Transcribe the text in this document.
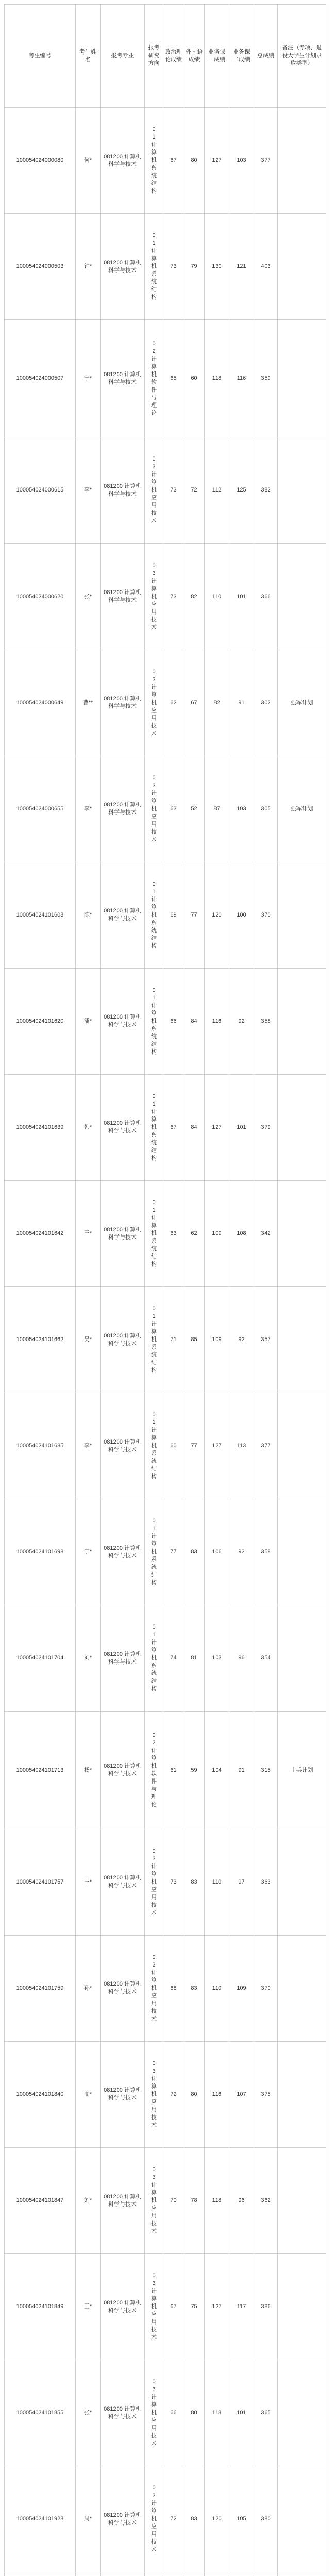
考生编号	考生姓名	报考专业	报考研究方向	政治理论成绩	外国语成绩	业务课一成绩	业务课二成绩	总成绩	备注（专项、退役大学生计划录取类型）
100054024000080	何*	081200 计算机科学与技术	01 计算机系统结构	67	80	127	103	377	
100054024000503	钟*	081200 计算机科学与技术	01 计算机系统结构	73	79	130	121	403	
100054024000507	宁*	081200 计算机科学与技术	02 计算机软件与理论	65	60	118	116	359	
100054024000615	李*	081200 计算机科学与技术	03 计算机应用技术	73	72	112	125	382	
100054024000620	张*	081200 计算机科学与技术	03 计算机应用技术	73	82	110	101	366	
100054024000649	曹**	081200 计算机科学与技术	03 计算机应用技术	62	67	82	91	302	强军计划
100054024000655	李*	081200 计算机科学与技术	03 计算机应用技术	63	52	87	103	305	强军计划
100054024101608	陈*	081200 计算机科学与技术	01 计算机系统结构	69	77	120	100	370	
100054024101620	潘*	081200 计算机科学与技术	01 计算机系统结构	66	84	116	92	358	
100054024101639	韩*	081200 计算机科学与技术	01 计算机系统结构	67	84	127	101	379	
100054024101642	王*	081200 计算机科学与技术	01 计算机系统结构	63	62	109	108	342	
100054024101662	吴*	081200 计算机科学与技术	01 计算机系统结构	71	85	109	92	357	
100054024101685	李*	081200 计算机科学与技术	01 计算机系统结构	60	77	127	113	377	
100054024101698	宁*	081200 计算机科学与技术	01 计算机系统结构	77	83	106	92	358	
100054024101704	刘*	081200 计算机科学与技术	01 计算机系统结构	74	81	103	96	354	
100054024101713	杨*	081200 计算机科学与技术	02 计算机软件与理论	61	59	104	91	315	士兵计划
100054024101757	王*	081200 计算机科学与技术	03 计算机应用技术	73	83	110	97	363	
100054024101759	孙*	081200 计算机科学与技术	03 计算机应用技术	68	83	110	109	370	
100054024101840	高*	081200 计算机科学与技术	03 计算机应用技术	72	80	116	107	375	
100054024101847	刘*	081200 计算机科学与技术	03 计算机应用技术	70	78	118	96	362	
100054024101849	王*	081200 计算机科学与技术	03 计算机应用技术	67	75	127	117	386	
100054024101855	张*	081200 计算机科学与技术	03 计算机应用技术	66	80	118	101	365	
100054024101928	周*	081200 计算机科学与技术	03 计算机应用技术	72	83	120	105	380	
